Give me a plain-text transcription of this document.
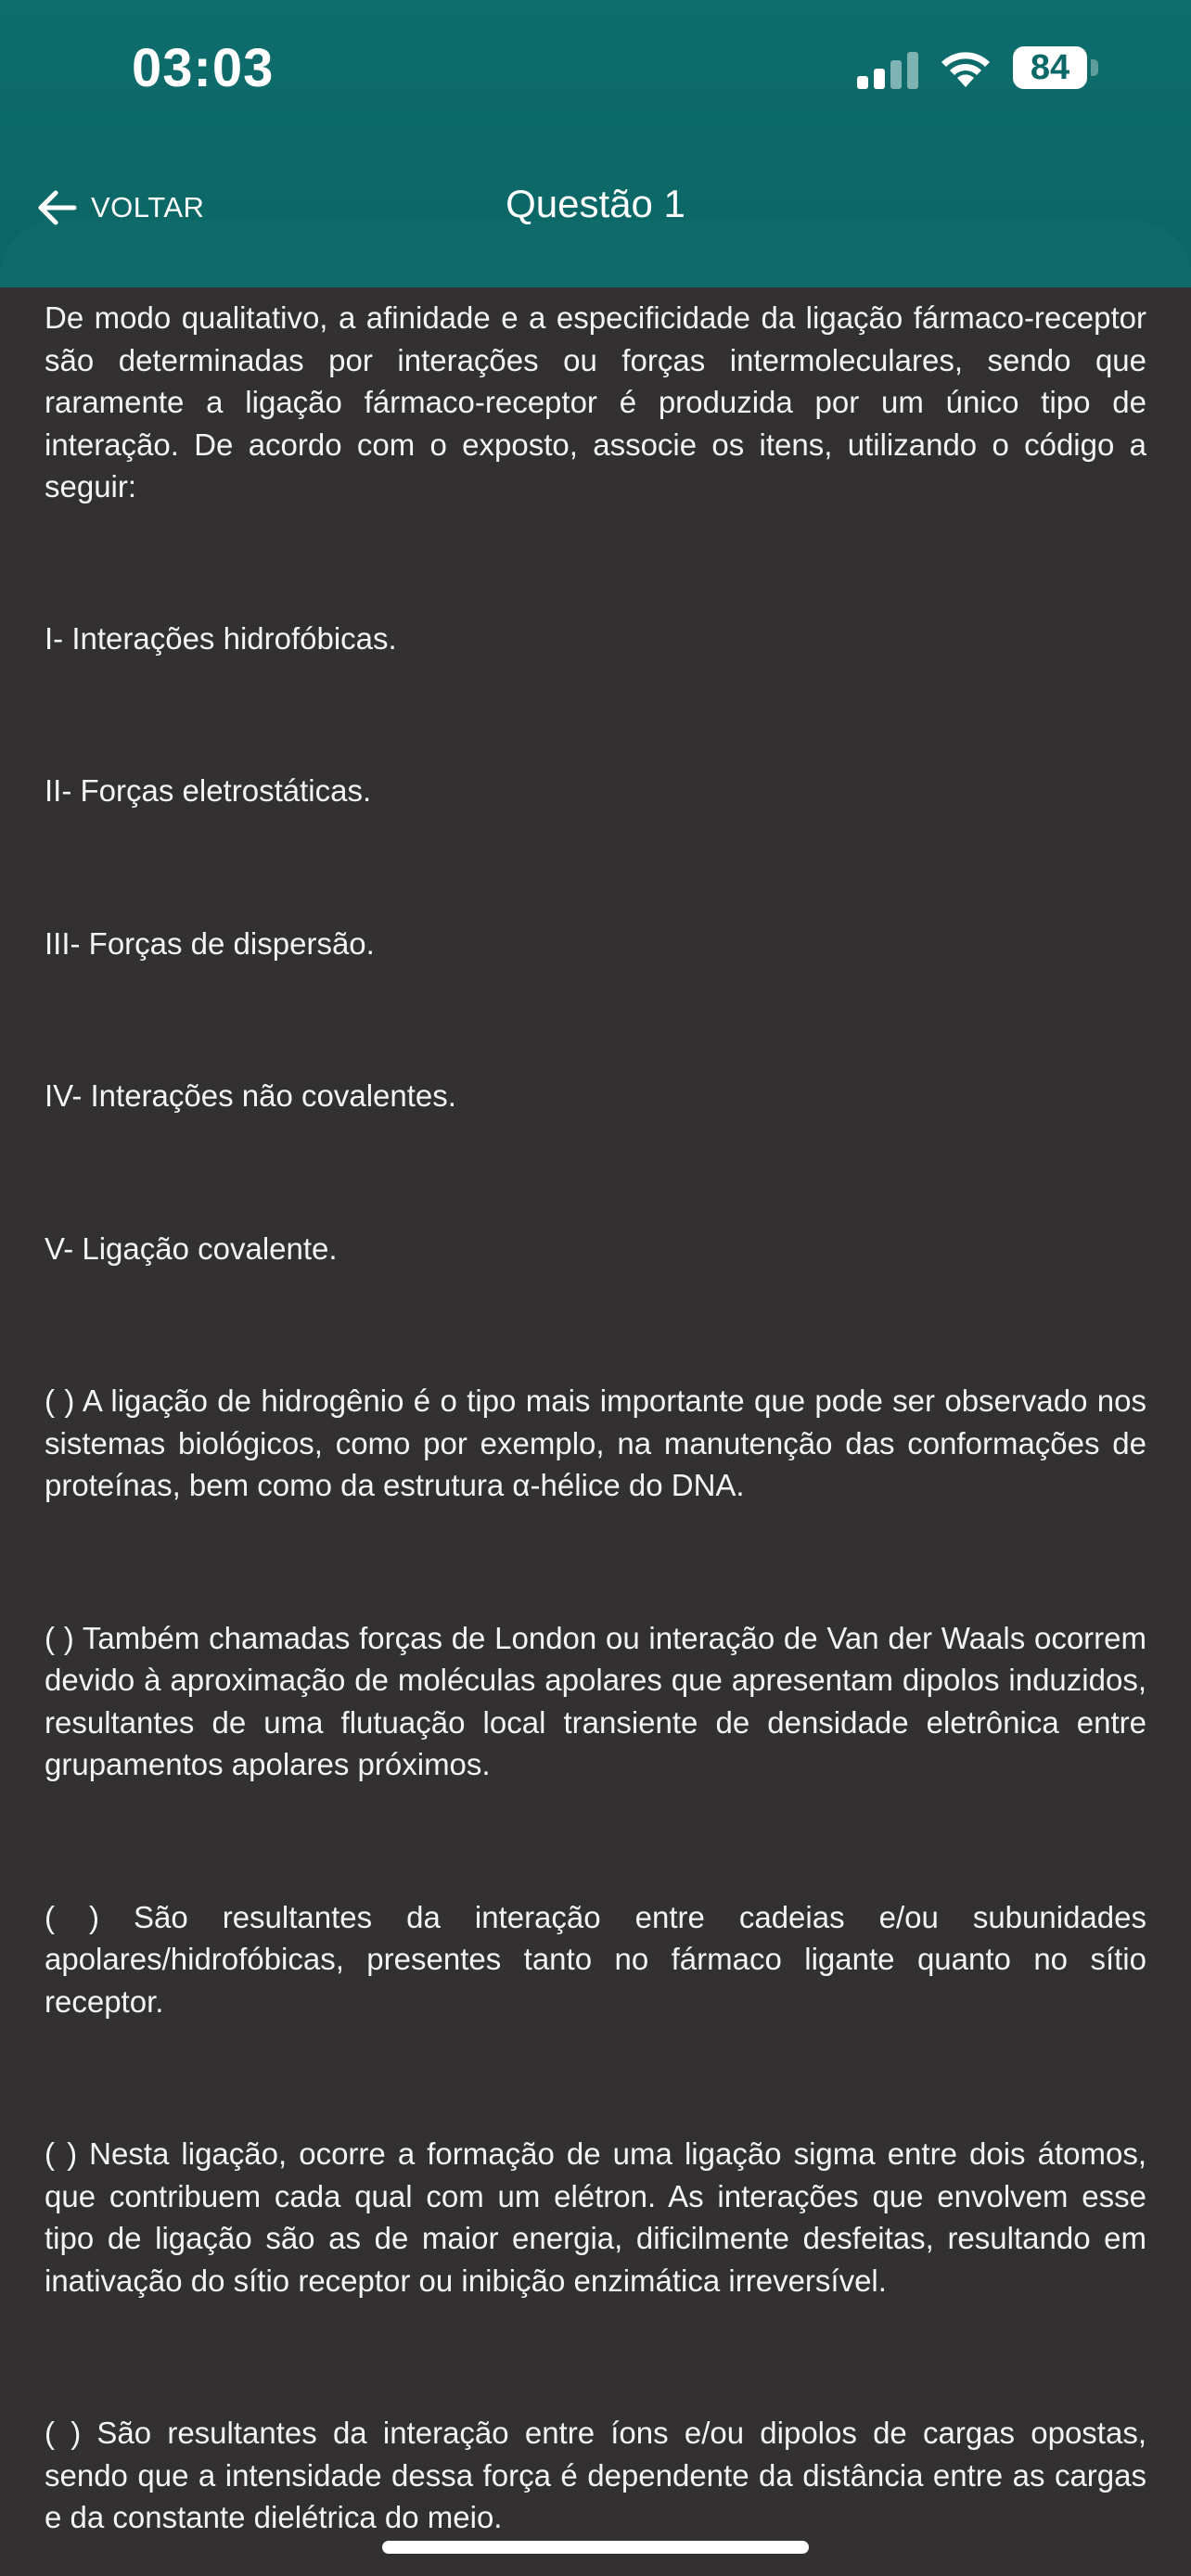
03:03	84
VOLTAR	Questão 1

De modo qualitativo, a afinidade e a especificidade da ligação fármaco-receptor são determinadas por interações ou forças intermoleculares, sendo que raramente a ligação fármaco-receptor é produzida por um único tipo de interação. De acordo com o exposto, associe os itens, utilizando o código a seguir:

I- Interações hidrofóbicas.

II- Forças eletrostáticas.

III- Forças de dispersão.

IV- Interações não covalentes.

V- Ligação covalente.

( ) A ligação de hidrogênio é o tipo mais importante que pode ser observado nos sistemas biológicos, como por exemplo, na manutenção das conformações de proteínas, bem como da estrutura α-hélice do DNA.

( ) Também chamadas forças de London ou interação de Van der Waals ocorrem devido à aproximação de moléculas apolares que apresentam dipolos induzidos, resultantes de uma flutuação local transiente de densidade eletrônica entre grupamentos apolares próximos.

( ) São resultantes da interação entre cadeias e/ou subunidades apolares/hidrofóbicas, presentes tanto no fármaco ligante quanto no sítio receptor.

( ) Nesta ligação, ocorre a formação de uma ligação sigma entre dois átomos, que contribuem cada qual com um elétron. As interações que envolvem esse tipo de ligação são as de maior energia, dificilmente desfeitas, resultando em inativação do sítio receptor ou inibição enzimática irreversível.

( ) São resultantes da interação entre íons e/ou dipolos de cargas opostas, sendo que a intensidade dessa força é dependente da distância entre as cargas e da constante dielétrica do meio.
